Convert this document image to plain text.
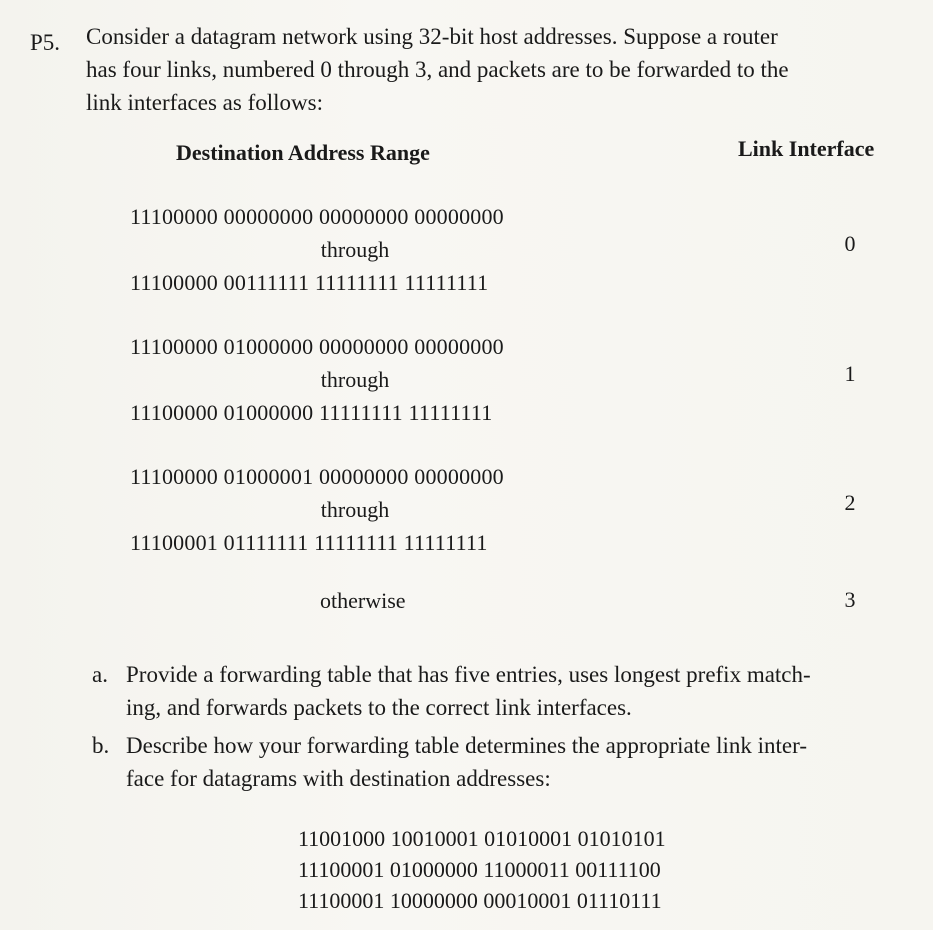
P5. Consider a datagram network using 32-bit host addresses. Suppose a router
has four links, numbered 0 through 3, and packets are to be forwarded to the
link interfaces as follows:
Destination Address Range	Link Interface
11100000 00000000 00000000 00000000
through
11100000 00111111 11111111 11111111
0
11100000 01000000 00000000 00000000
through
11100000 01000000 11111111 11111111
1
11100000 01000001 00000000 00000000
through
11100001 01111111 11111111 11111111
2
otherwise	3
a. Provide a forwarding table that has five entries, uses longest prefix match-
ing, and forwards packets to the correct link interfaces.
b. Describe how your forwarding table determines the appropriate link inter-
face for datagrams with destination addresses:
11001000 10010001 01010001 01010101
11100001 01000000 11000011 00111100
11100001 10000000 00010001 01110111
